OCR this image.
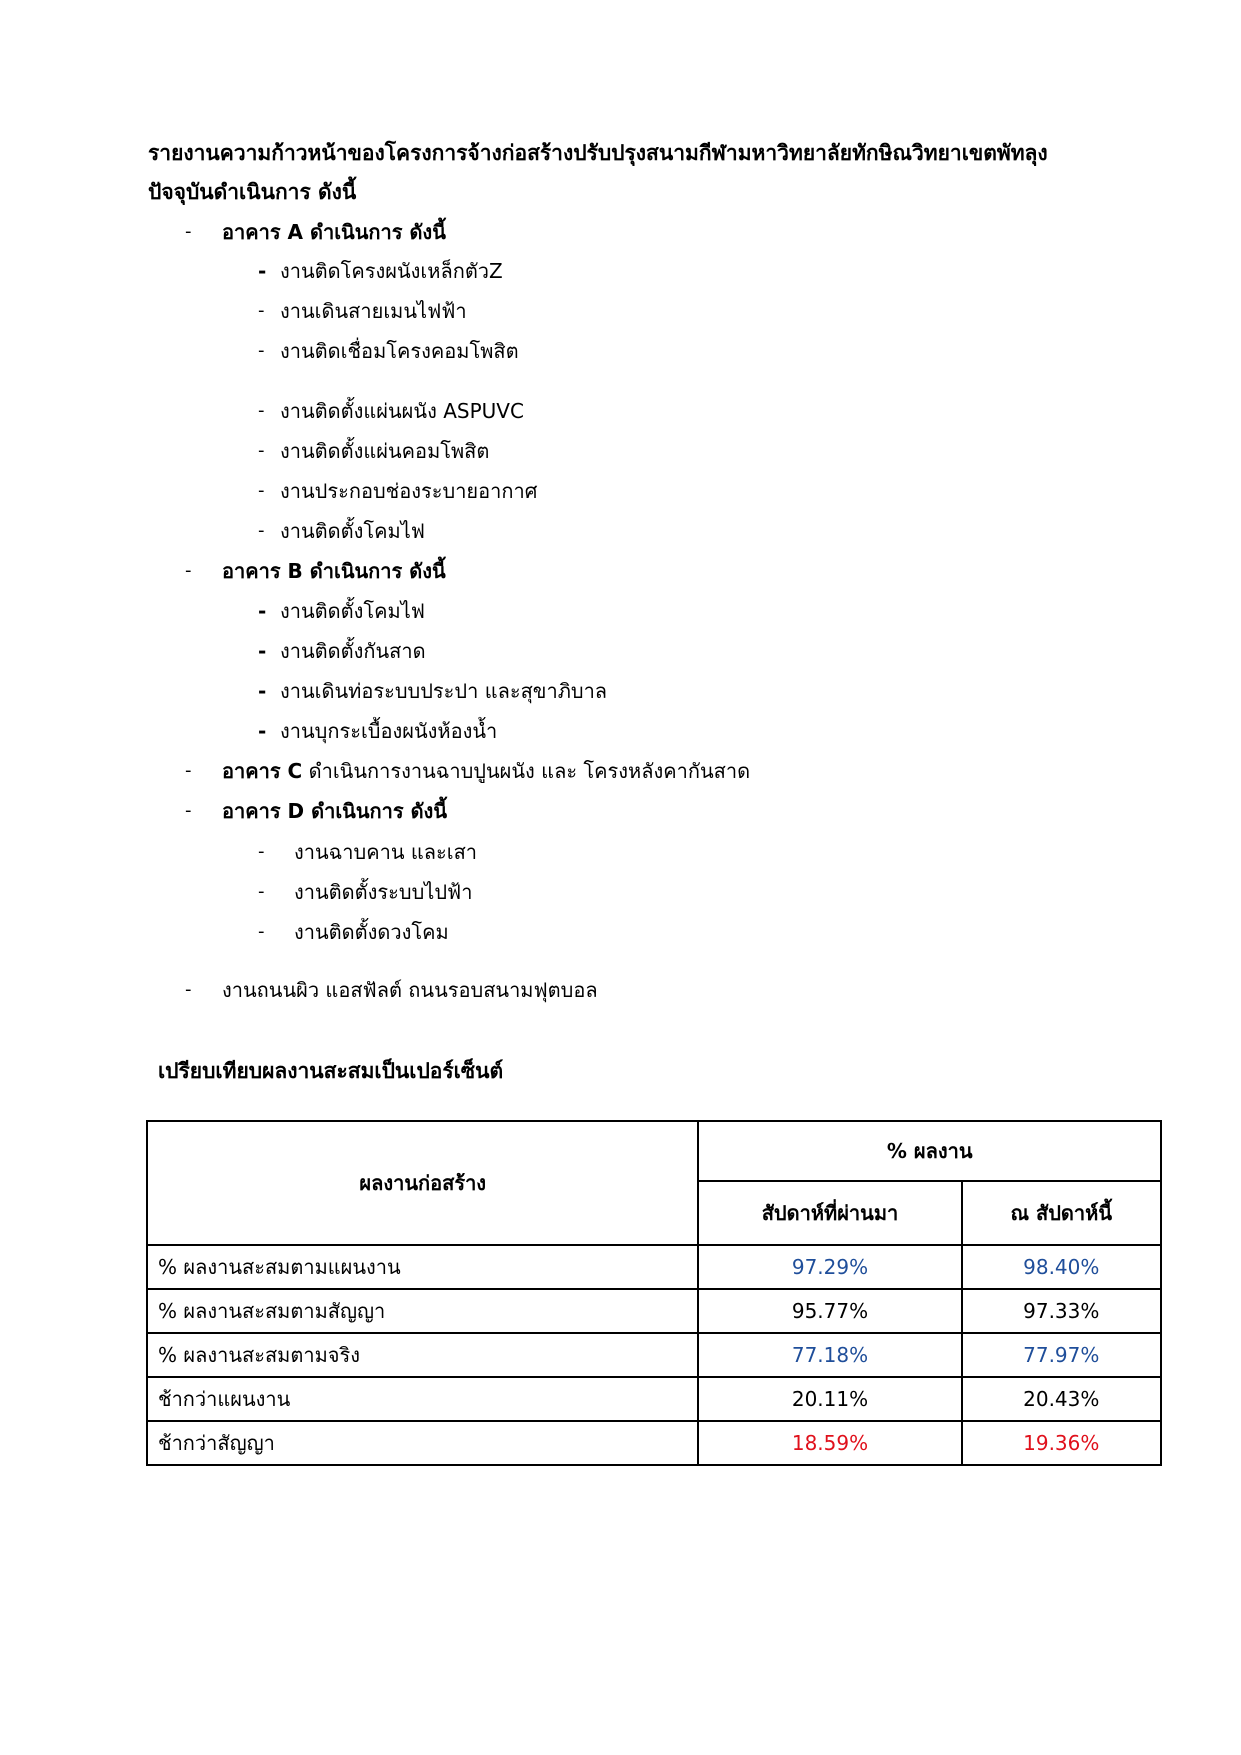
รายงานความก้าวหน้าของโครงการจ้างก่อสร้างปรับปรุงสนามกีฬามหาวิทยาลัยทักษิณวิทยาเขตพัทลุง
ปัจจุบันดำเนินการ ดังนี้
- อาคาร A ดำเนินการ ดังนี้
- งานติดโครงผนังเหล็กตัวZ
- งานเดินสายเมนไฟฟ้า
- งานติดเชื่อมโครงคอมโพสิต
- งานติดตั้งแผ่นผนัง ASPUVC
- งานติดตั้งแผ่นคอมโพสิต
- งานประกอบช่องระบายอากาศ
- งานติดตั้งโคมไฟ
- อาคาร B ดำเนินการ ดังนี้
- งานติดตั้งโคมไฟ
- งานติดตั้งกันสาด
- งานเดินท่อระบบประปา และสุขาภิบาล
- งานบุกระเบื้องผนังห้องน้ำ
- อาคาร C ดำเนินการงานฉาบปูนผนัง และ โครงหลังคากันสาด
- อาคาร D ดำเนินการ ดังนี้
- งานฉาบคาน และเสา
- งานติดตั้งระบบไปฟ้า
- งานติดตั้งดวงโคม
- งานถนนผิว แอสฟัลต์ ถนนรอบสนามฟุตบอล
เปรียบเทียบผลงานสะสมเป็นเปอร์เซ็นต์
ผลงานก่อสร้าง	% ผลงาน	
	สัปดาห์ที่ผ่านมา	ณ สัปดาห์นี้
% ผลงานสะสมตามแผนงาน	97.29%	98.40%
% ผลงานสะสมตามสัญญา	95.77%	97.33%
% ผลงานสะสมตามจริง	77.18%	77.97%
ช้ากว่าแผนงาน	20.11%	20.43%
ช้ากว่าสัญญา	18.59%	19.36%
